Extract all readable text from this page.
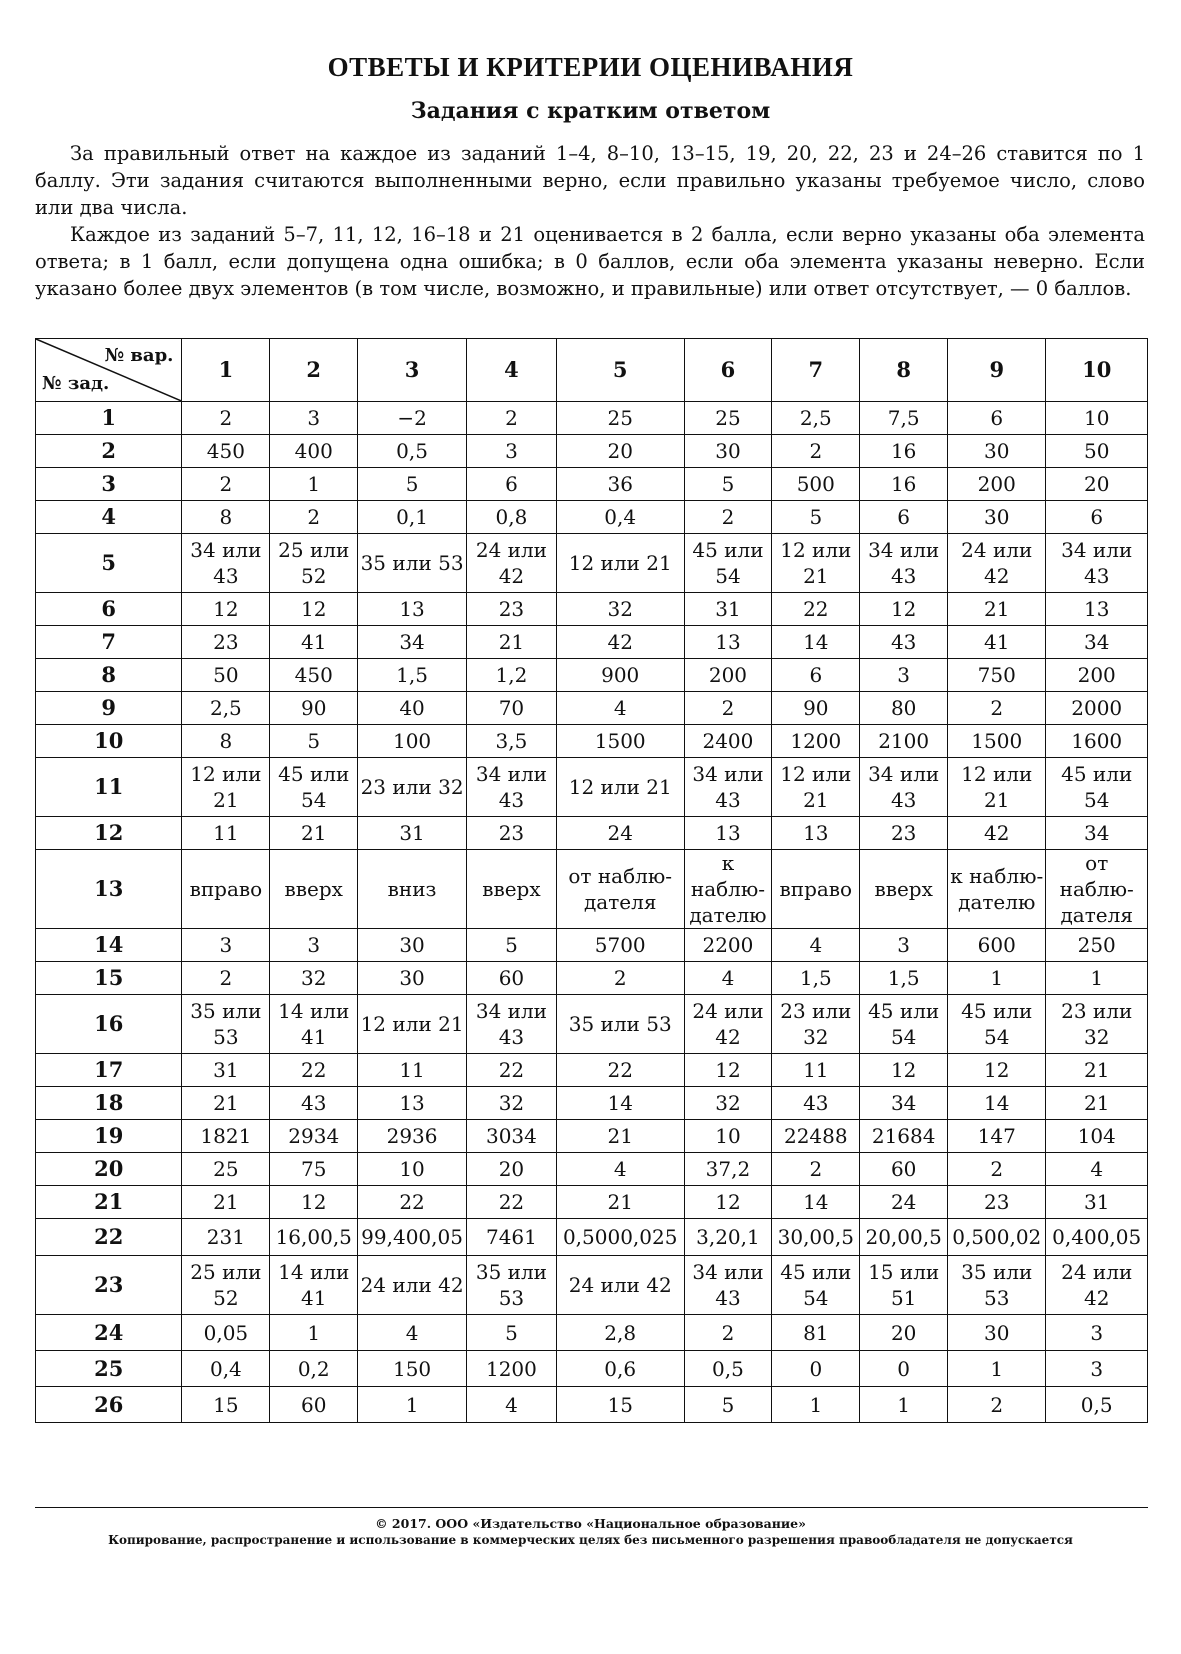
ОТВЕТЫ И КРИТЕРИИ ОЦЕНИВАНИЯ
Задания с кратким ответом

За правильный ответ на каждое из заданий 1–4, 8–10, 13–15, 19, 20, 22, 23 и 24–26 ставится по 1 баллу. Эти задания считаются выполненными верно, если правильно указаны требуемое число, слово или два числа.

Каждое из заданий 5–7, 11, 12, 16–18 и 21 оценивается в 2 балла, если верно указаны оба элемента ответа; в 1 балл, если допущена одна ошибка; в 0 баллов, если оба элемента указаны неверно. Если указано более двух элементов (в том числе, возможно, и правильные) или ответ отсутствует, — 0 баллов.

№ вар.
№ зад.	1	2	3	4	5	6	7	8	9	10
1	2	3	−2	2	25	25	2,5	7,5	6	10
2	450	400	0,5	3	20	30	2	16	30	50
3	2	1	5	6	36	5	500	16	200	20
4	8	2	0,1	0,8	0,4	2	5	6	30	6
5	34 или 43	25 или 52	35 или 53	24 или 42	12 или 21	45 или 54	12 или 21	34 или 43	24 или 42	34 или 43
6	12	12	13	23	32	31	22	12	21	13
7	23	41	34	21	42	13	14	43	41	34
8	50	450	1,5	1,2	900	200	6	3	750	200
9	2,5	90	40	70	4	2	90	80	2	2000
10	8	5	100	3,5	1500	2400	1200	2100	1500	1600
11	12 или 21	45 или 54	23 или 32	34 или 43	12 или 21	34 или 43	12 или 21	34 или 43	12 или 21	45 или 54
12	11	21	31	23	24	13	13	23	42	34
13	вправо	вверх	вниз	вверх	от наблю-дателя	к наблю-дателю	вправо	вверх	к наблю-дателю	от наблю-дателя
14	3	3	30	5	5700	2200	4	3	600	250
15	2	32	30	60	2	4	1,5	1,5	1	1
16	35 или 53	14 или 41	12 или 21	34 или 43	35 или 53	24 или 42	23 или 32	45 или 54	45 или 54	23 или 32
17	31	22	11	22	22	12	11	12	12	21
18	21	43	13	32	14	32	43	34	14	21
19	1821	2934	2936	3034	21	10	22488	21684	147	104
20	25	75	10	20	4	37,2	2	60	2	4
21	21	12	22	22	21	12	14	24	23	31
22	231	16,00,5	99,400,05	7461	0,5000,025	3,20,1	30,00,5	20,00,5	0,500,02	0,400,05
23	25 или 52	14 или 41	24 или 42	35 или 53	24 или 42	34 или 43	45 или 54	15 или 51	35 или 53	24 или 42
24	0,05	1	4	5	2,8	2	81	20	30	3
25	0,4	0,2	150	1200	0,6	0,5	0	0	1	3
26	15	60	1	4	15	5	1	1	2	0,5

© 2017. ООО «Издательство «Национальное образование»

Копирование, распространение и использование в коммерческих целях без письменного разрешения правообладателя не допускается
